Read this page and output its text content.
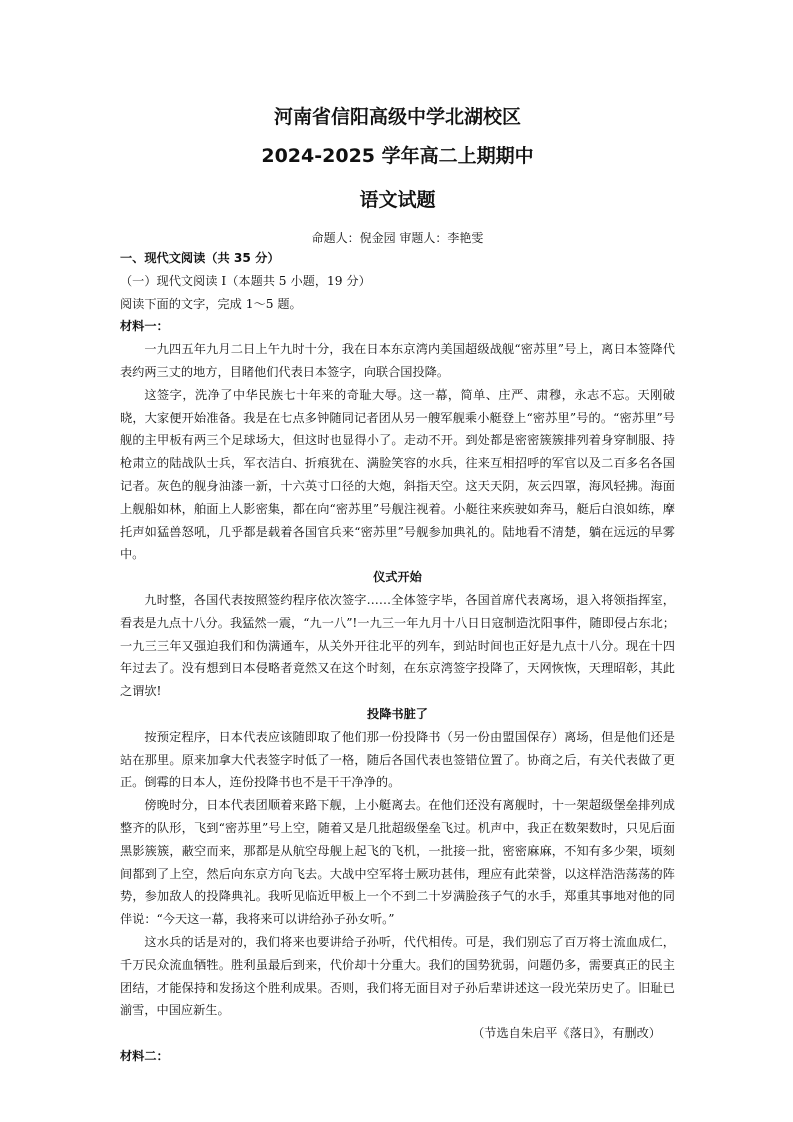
河南省信阳高级中学北湖校区
2024-2025 学年高二上期期中
语文试题
命题人：倪金园 审题人：李艳雯

一、现代文阅读（共 35 分）

（一）现代文阅读 I（本题共 5 小题，19 分）

阅读下面的文字，完成 1～5 题。

材料一：

一九四五年九月二日上午九时十分，我在日本东京湾内美国超级战舰“密苏里”号上，离日本签降代表约两三丈的地方，目睹他们代表日本签字，向联合国投降。

这签字，洗净了中华民族七十年来的奇耻大辱。这一幕，简单、庄严、肃穆，永志不忘。天刚破晓，大家便开始准备。我是在七点多钟随同记者团从另一艘军舰乘小艇登上“密苏里”号的。“密苏里”号舰的主甲板有两三个足球场大，但这时也显得小了。走动不开。到处都是密密簇簇排列着身穿制服、持枪肃立的陆战队士兵，军衣洁白、折痕犹在、满脸笑容的水兵，往来互相招呼的军官以及二百多名各国记者。灰色的舰身油漆一新，十六英寸口径的大炮，斜指天空。这天天阴，灰云四罩，海风轻拂。海面上舰船如林，舶面上人影密集，都在向“密苏里”号舰注视着。小艇往来疾驶如奔马，艇后白浪如练，摩托声如猛兽怒吼，几乎都是载着各国官兵来“密苏里”号舰参加典礼的。陆地看不清楚，躺在远远的早雾中。

仪式开始

九时整，各国代表按照签约程序依次签字……全体签字毕，各国首席代表离场，退入将领指挥室，看表是九点十八分。我猛然一震，“九一八”!一九三一年九月十八日日寇制造沈阳事件，随即侵占东北；一九三三年又强迫我们和伪满通车，从关外开往北平的列车，到站时间也正好是九点十八分。现在十四年过去了。没有想到日本侵略者竟然又在这个时刻，在东京湾签字投降了，天网恢恢，天理昭彰，其此之谓欤!

投降书脏了

按预定程序，日本代表应该随即取了他们那一份投降书（另一份由盟国保存）离场，但是他们还是站在那里。原来加拿大代表签字时低了一格，随后各国代表也签错位置了。协商之后，有关代表做了更正。倒霉的日本人，连份投降书也不是干干净净的。

傍晚时分，日本代表团顺着来路下舰，上小艇离去。在他们还没有离舰时，十一架超级堡垒排列成整齐的队形，飞到“密苏里”号上空，随着又是几批超级堡垒飞过。机声中，我正在数架数时，只见后面黑影簇簇，蔽空而来，那都是从航空母舰上起飞的飞机，一批接一批，密密麻麻，不知有多少架，顷刻间都到了上空，然后向东京方向飞去。大战中空军将士厥功甚伟，理应有此荣誉，以这样浩浩荡荡的阵势，参加敌人的投降典礼。我听见临近甲板上一个不到二十岁满脸孩子气的水手，郑重其事地对他的同伴说：“今天这一幕，我将来可以讲给孙子孙女听。”

这水兵的话是对的，我们将来也要讲给子孙听，代代相传。可是，我们别忘了百万将士流血成仁，千万民众流血牺牲。胜利虽最后到来，代价却十分重大。我们的国势犹弱，问题仍多，需要真正的民主团结，才能保持和发扬这个胜利成果。否则，我们将无面目对子孙后辈讲述这一段光荣历史了。旧耻已湔雪，中国应新生。

（节选自朱启平《落日》，有删改）

材料二：
